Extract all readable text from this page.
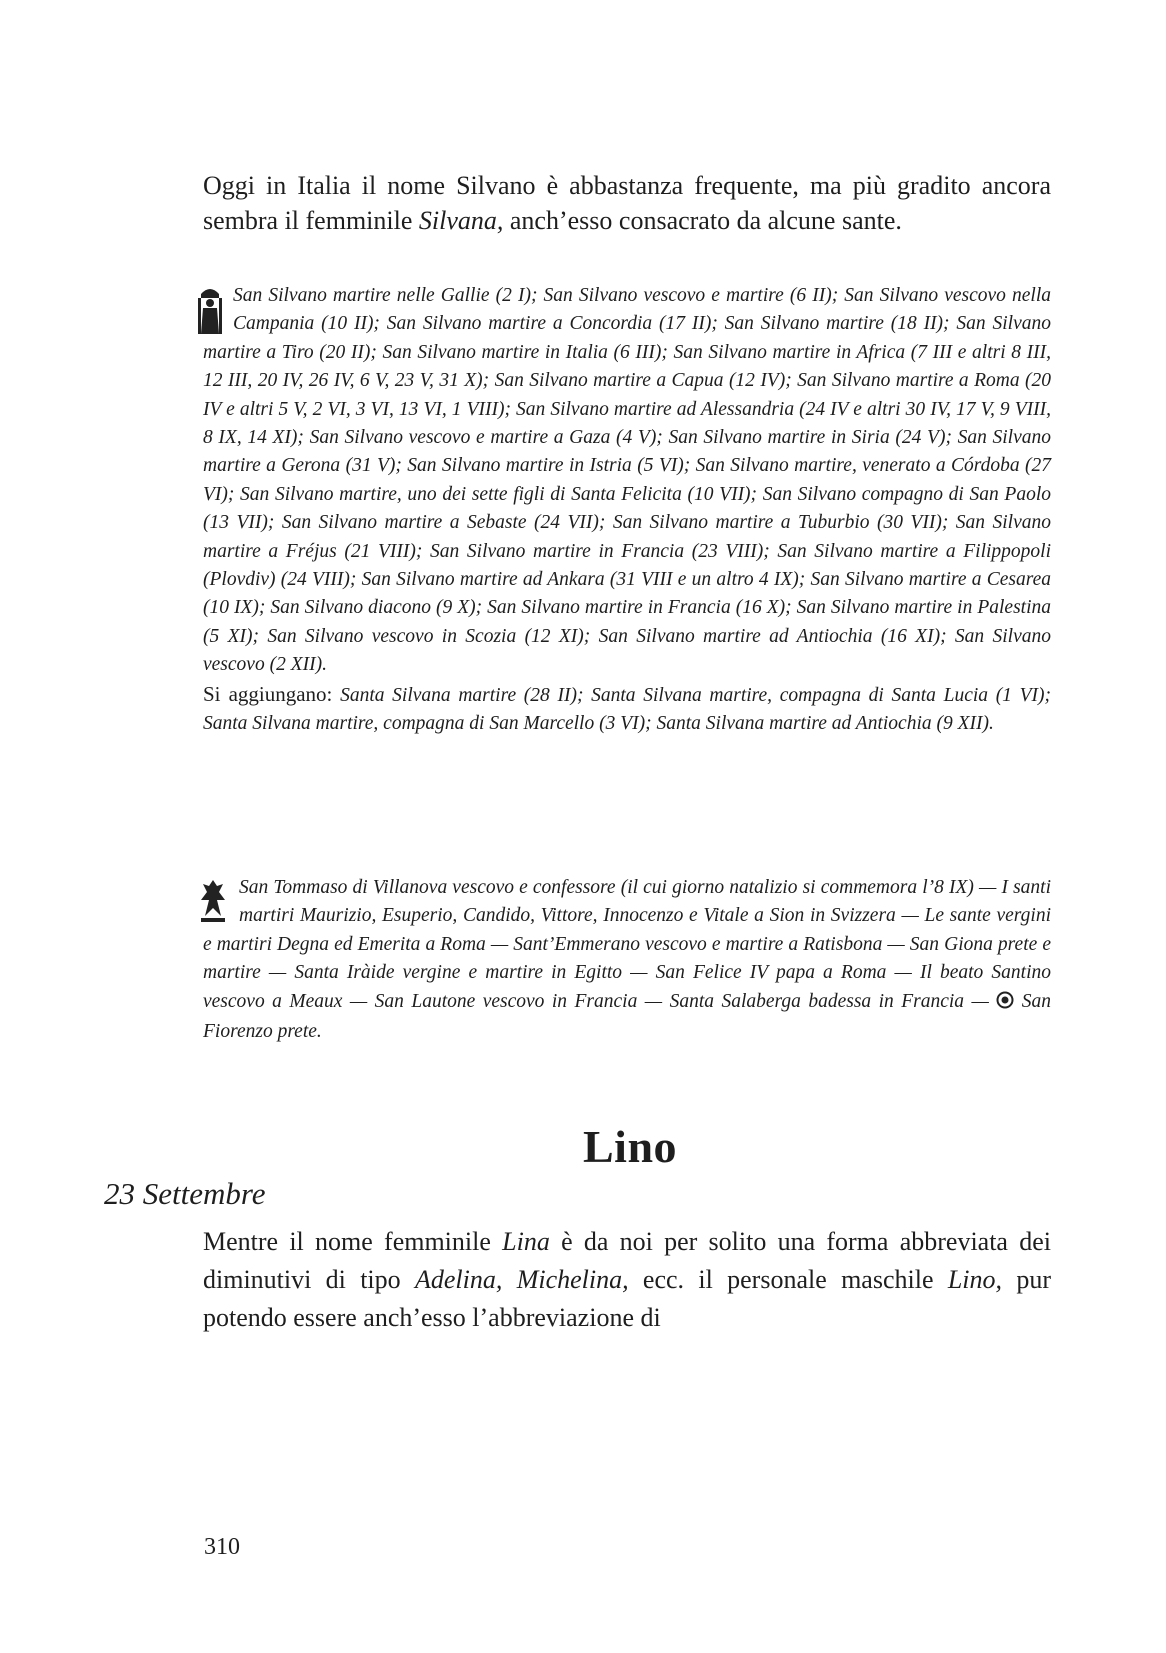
Oggi in Italia il nome Silvano è abbastanza frequente, ma più gradito ancora sembra il femminile Silvana, anch’esso consacrato da alcune sante.

San Silvano martire nelle Gallie (2 I); San Silvano vescovo e martire (6 II); San Silvano vescovo nella Campania (10 II); San Silvano martire a Concordia (17 II); San Silvano martire (18 II); San Silvano martire a Tiro (20 II); San Silvano martire in Italia (6 III); San Silvano martire in Africa (7 III e altri 8 III, 12 III, 20 IV, 26 IV, 6 V, 23 V, 31 X); San Silvano martire a Capua (12 IV); San Silvano martire a Roma (20 IV e altri 5 V, 2 VI, 3 VI, 13 VI, 1 VIII); San Silvano martire ad Alessandria (24 IV e altri 30 IV, 17 V, 9 VIII, 8 IX, 14 XI); San Silvano vescovo e martire a Gaza (4 V); San Silvano martire in Siria (24 V); San Silvano martire a Gerona (31 V); San Silvano martire in Istria (5 VI); San Silvano martire, venerato a Córdoba (27 VI); San Silvano martire, uno dei sette figli di Santa Felicita (10 VII); San Silvano compagno di San Paolo (13 VII); San Silvano martire a Sebaste (24 VII); San Silvano martire a Tuburbio (30 VII); San Silvano martire a Fréjus (21 VIII); San Silvano martire in Francia (23 VIII); San Silvano martire a Filippopoli (Plovdiv) (24 VIII); San Silvano martire ad Ankara (31 VIII e un altro 4 IX); San Silvano martire a Cesarea (10 IX); San Silvano diacono (9 X); San Silvano martire in Francia (16 X); San Silvano martire in Palestina (5 XI); San Silvano vescovo in Scozia (12 XI); San Silvano martire ad Antiochia (16 XI); San Silvano vescovo (2 XII).
Si aggiungano: Santa Silvana martire (28 II); Santa Silvana martire, compagna di Santa Lucia (1 VI); Santa Silvana martire, compagna di San Marcello (3 VI); Santa Silvana martire ad Antiochia (9 XII).
San Tommaso di Villanova vescovo e confessore (il cui giorno natalizio si commemora l’8 IX) — I santi martiri Maurizio, Esuperio, Candido, Vittore, Innocenzo e Vitale a Sion in Svizzera — Le sante vergini e martiri Degna ed Emerita a Roma — Sant’Emmerano vescovo e martire a Ratisbona — San Giona prete e martire — Santa Iràide vergine e martire in Egitto — San Felice IV papa a Roma — Il beato Santino vescovo a Meaux — San Lautone vescovo in Francia — Santa Salaberga badessa in Francia — San Fiorenzo prete.
Lino
23 Settembre

Mentre il nome femminile Lina è da noi per solito una forma abbreviata dei diminutivi di tipo Adelina, Michelina, ecc. il personale maschile Lino, pur potendo essere anch’esso l’abbreviazione di

310
